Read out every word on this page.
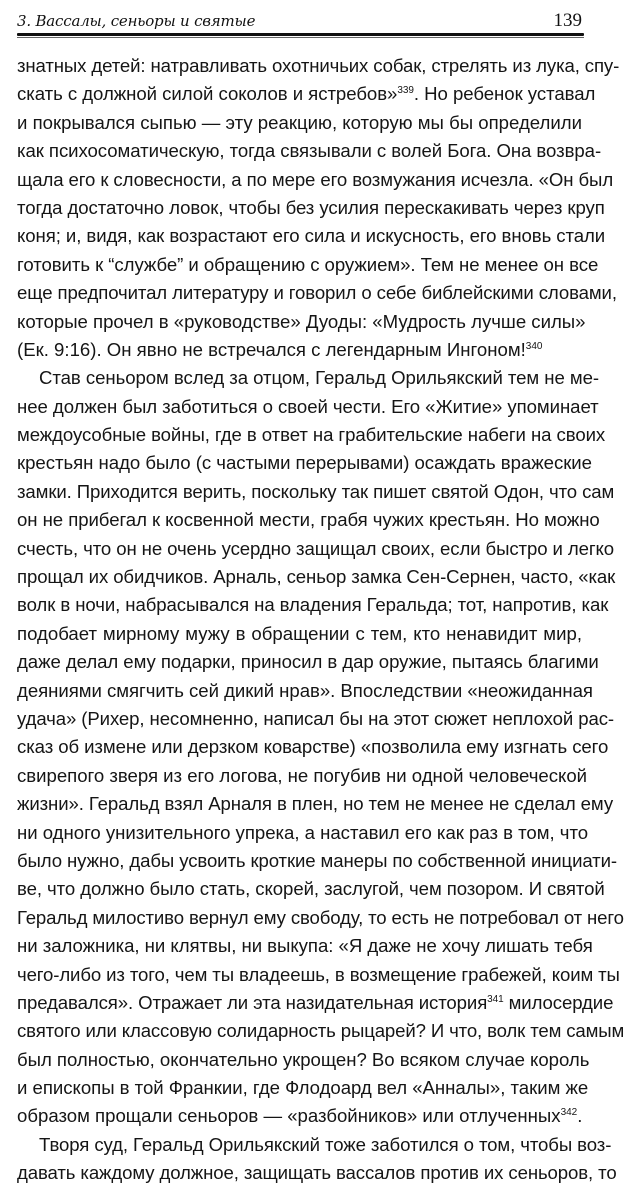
3. Вассалы, сеньоры и святые	139
знатных детей: натравливать охотничьих собак, стрелять из лука, спу-
скать с должной силой соколов и ястребов»$^{339}$. Но ребенок уставал
и покрывался сыпью — эту реакцию, которую мы бы определили
как психосоматическую, тогда связывали с волей Бога. Она возвра-
щала его к словесности, а по мере его возмужания исчезла. «Он был
тогда достаточно ловок, чтобы без усилия перескакивать через круп
коня; и, видя, как возрастают его сила и искусность, его вновь стали
готовить к “службе” и обращению с оружием». Тем не менее он все
еще предпочитал литературу и говорил о себе библейскими словами,
которые прочел в «руководстве» Дуоды: «Мудрость лучше силы»
(Ек. 9:16). Он явно не встречался с легендарным Ингоном!$^{340}$
Став сеньором вслед за отцом, Геральд Орильякский тем не ме-
нее должен был заботиться о своей чести. Его «Житие» упоминает
междоусобные войны, где в ответ на грабительские набеги на своих
крестьян надо было (с частыми перерывами) осаждать вражеские
замки. Приходится верить, поскольку так пишет святой Одон, что сам
он не прибегал к косвенной мести, грабя чужих крестьян. Но можно
счесть, что он не очень усердно защищал своих, если быстро и легко
прощал их обидчиков. Арналь, сеньор замка Сен-Сернен, часто, «как
волк в ночи, набрасывался на владения Геральда; тот, напротив, как
подобает мирному мужу в обращении с тем, кто ненавидит мир,
даже делал ему подарки, приносил в дар оружие, пытаясь благими
деяниями смягчить сей дикий нрав». Впоследствии «неожиданная
удача» (Рихер, несомненно, написал бы на этот сюжет неплохой рас-
сказ об измене или дерзком коварстве) «позволила ему изгнать сего
свирепого зверя из его логова, не погубив ни одной человеческой
жизни». Геральд взял Арналя в плен, но тем не менее не сделал ему
ни одного унизительного упрека, а наставил его как раз в том, что
было нужно, дабы усвоить кроткие манеры по собственной инициати-
ве, что должно было стать, скорей, заслугой, чем позором. И святой
Геральд милостиво вернул ему свободу, то есть не потребовал от него
ни заложника, ни клятвы, ни выкупа: «Я даже не хочу лишать тебя
чего-либо из того, чем ты владеешь, в возмещение грабежей, коим ты
предавался». Отражает ли эта назидательная история$^{341}$ милосердие
святого или классовую солидарность рыцарей? И что, волк тем самым
был полностью, окончательно укрощен? Во всяком случае король
и епископы в той Франкии, где Флодоард вел «Анналы», таким же
образом прощали сеньоров — «разбойников» или отлученных$^{342}$.
Творя суд, Геральд Орильякский тоже заботился о том, чтобы воз-
давать каждому должное, защищать вассалов против их сеньоров, то
